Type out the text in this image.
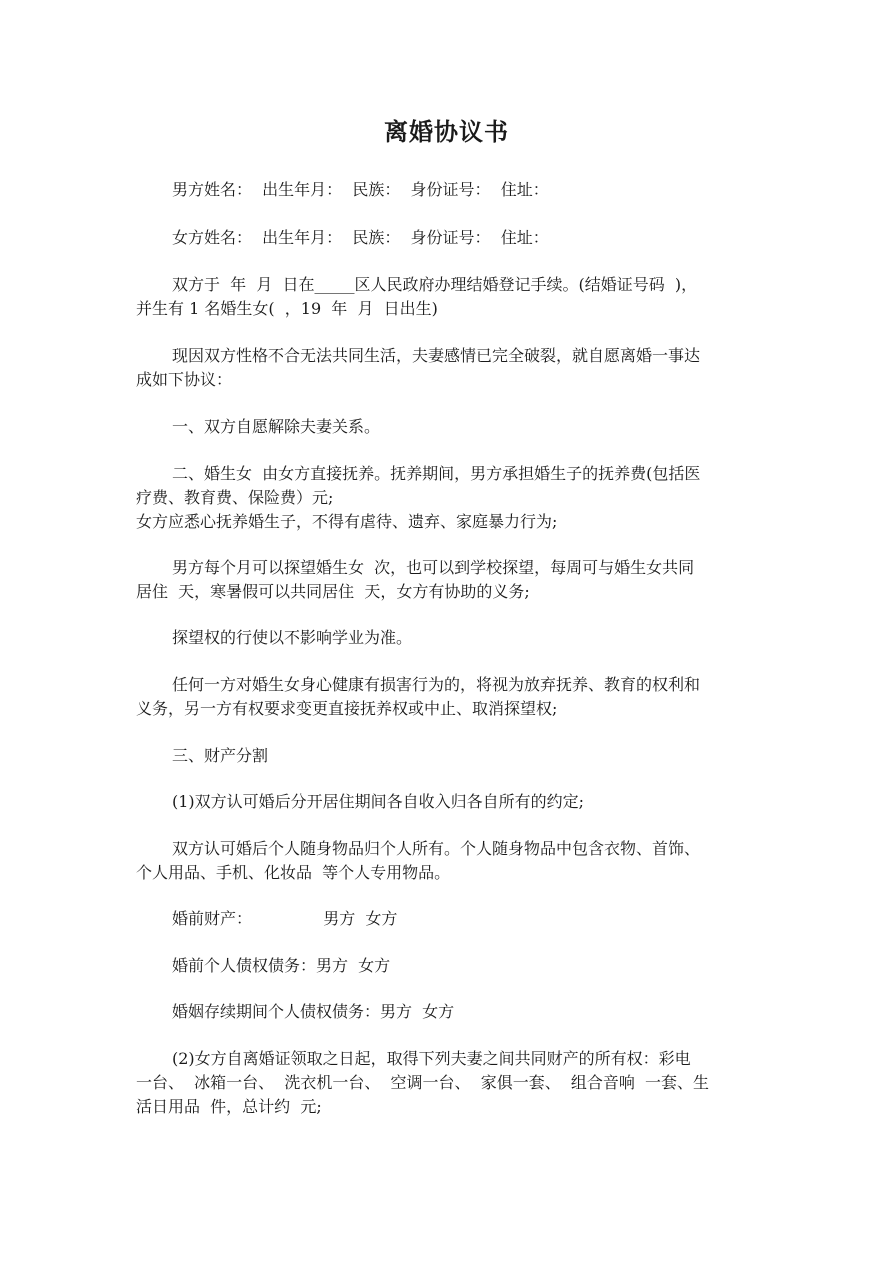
离婚协议书
男方姓名：  出生年月：  民族：  身份证号：  住址：
女方姓名：  出生年月：  民族：  身份证号：  住址：
双方于  年  月  日在_____区人民政府办理结婚登记手续。(结婚证号码  )，
并生有 1 名婚生女(  ，19  年  月  日出生)
现因双方性格不合无法共同生活，夫妻感情已完全破裂，就自愿离婚一事达
成如下协议：
一、双方自愿解除夫妻关系。
二、婚生女  由女方直接抚养。抚养期间，男方承担婚生子的抚养费(包括医
疗费、教育费、保险费）元;
女方应悉心抚养婚生子，不得有虐待、遗弃、家庭暴力行为;
男方每个月可以探望婚生女  次，也可以到学校探望，每周可与婚生女共同
居住  天，寒暑假可以共同居住  天，女方有协助的义务;
探望权的行使以不影响学业为准。
任何一方对婚生女身心健康有损害行为的，将视为放弃抚养、教育的权利和
义务，另一方有权要求变更直接抚养权或中止、取消探望权;
三、财产分割
(1)双方认可婚后分开居住期间各自收入归各自所有的约定;
双方认可婚后个人随身物品归个人所有。个人随身物品中包含衣物、首饰、
个人用品、手机、化妆品  等个人专用物品。
婚前财产：              男方  女方
婚前个人债权债务：男方  女方
婚姻存续期间个人债权债务：男方  女方
(2)女方自离婚证领取之日起，取得下列夫妻之间共同财产的所有权：彩电
一台、  冰箱一台、  洗衣机一台、  空调一台、  家俱一套、  组合音响  一套、生
活日用品  件，总计约  元;
